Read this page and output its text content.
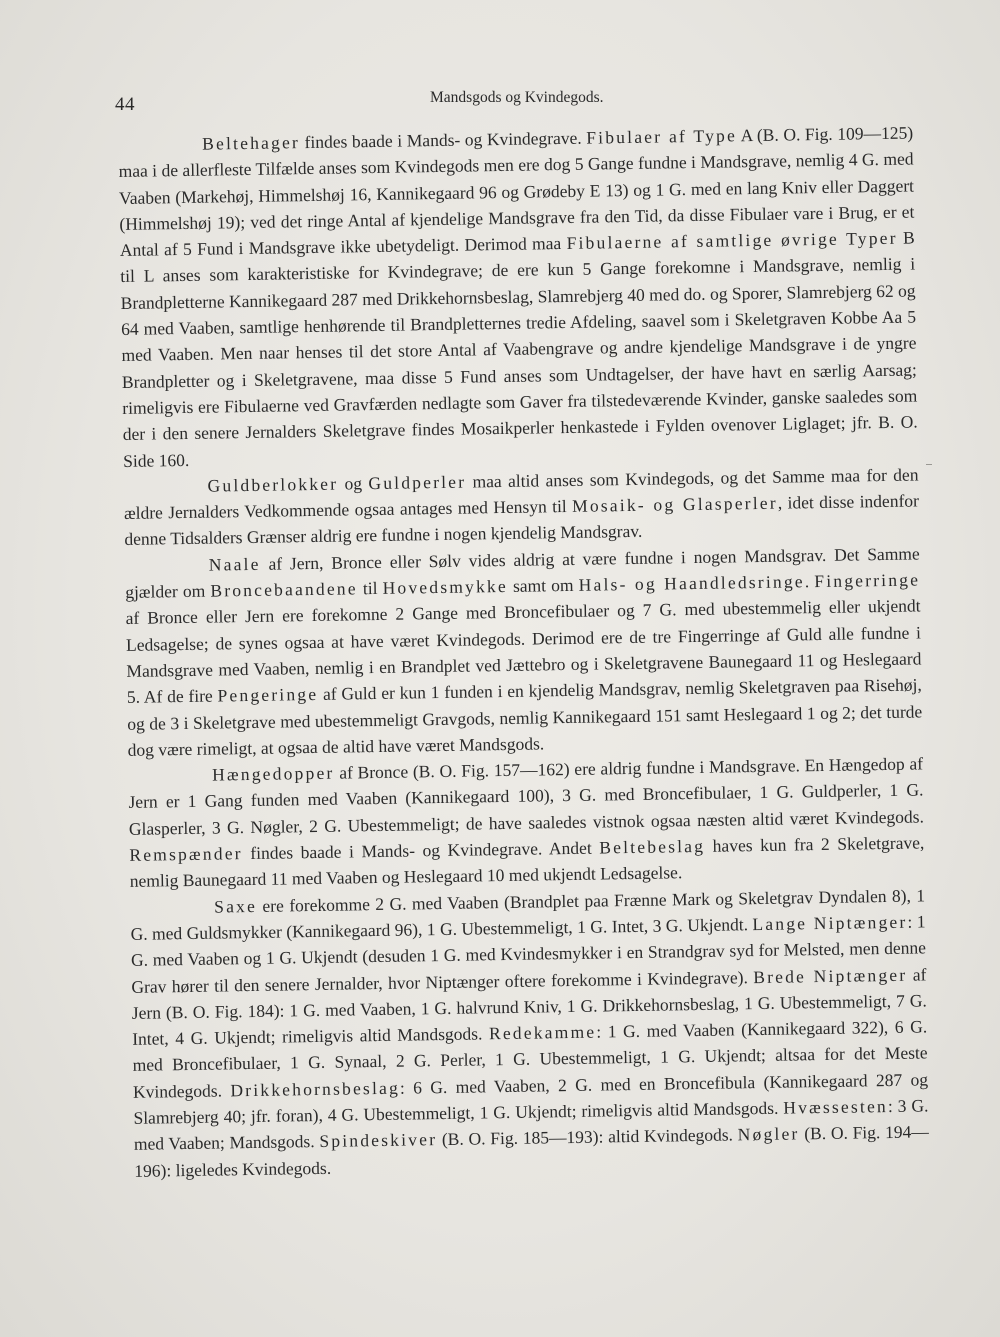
44	Mandsgods og Kvindegods.

Beltehager findes baade i Mands- og Kvindegrave. Fibulaer af Type A (B. O. Fig. 109—125) maa i de allerfleste Tilfælde anses som Kvindegods men ere dog 5 Gange fundne i Mandsgrave, nemlig 4 G. med Vaaben (Markehøj, Himmelshøj 16, Kannikegaard 96 og Grødeby E 13) og 1 G. med en lang Kniv eller Daggert (Himmelshøj 19); ved det ringe Antal af kjendelige Mandsgrave fra den Tid, da disse Fibulaer vare i Brug, er et Antal af 5 Fund i Mandsgrave ikke ubetydeligt. Derimod maa Fibulaerne af samtlige øvrige Typer B til L anses som karakteristiske for Kvindegrave; de ere kun 5 Gange forekomne i Mandsgrave, nemlig i Brandpletterne Kannikegaard 287 med Drikkehornsbeslag, Slamrebjerg 40 med do. og Sporer, Slamrebjerg 62 og 64 med Vaaben, samtlige henhørende til Brandpletternes tredie Afdeling, saavel som i Skeletgraven Kobbe Aa 5 med Vaaben. Men naar henses til det store Antal af Vaabengrave og andre kjendelige Mandsgrave i de yngre Brandpletter og i Skeletgravene, maa disse 5 Fund anses som Undtagelser, der have havt en særlig Aarsag; rimeligvis ere Fibulaerne ved Gravfærden nedlagte som Gaver fra tilstedeværende Kvinder, ganske saaledes som der i den senere Jernalders Skeletgrave findes Mosaikperler henkastede i Fylden ovenover Liglaget; jfr. B. O. Side 160.

Guldberlokker og Guldperler maa altid anses som Kvindegods, og det Samme maa for den ældre Jernalders Vedkommende ogsaa antages med Hensyn til Mosaik- og Glasperler, idet disse indenfor denne Tidsalders Grænser aldrig ere fundne i nogen kjendelig Mandsgrav.

Naale af Jern, Bronce eller Sølv vides aldrig at være fundne i nogen Mandsgrav. Det Samme gjælder om Broncebaandene til Hovedsmykke samt om Hals- og Haandledsringe. Fingerringe af Bronce eller Jern ere forekomne 2 Gange med Broncefibulaer og 7 G. med ubestemmelig eller ukjendt Ledsagelse; de synes ogsaa at have været Kvindegods. Derimod ere de tre Fingerringe af Guld alle fundne i Mandsgrave med Vaaben, nemlig i en Brandplet ved Jættebro og i Skeletgravene Baunegaard 11 og Heslegaard 5. Af de fire Pengeringe af Guld er kun 1 funden i en kjendelig Mandsgrav, nemlig Skeletgraven paa Risehøj, og de 3 i Skeletgrave med ubestemmeligt Gravgods, nemlig Kannikegaard 151 samt Heslegaard 1 og 2; det turde dog være rimeligt, at ogsaa de altid have været Mandsgods.

Hængedopper af Bronce (B. O. Fig. 157—162) ere aldrig fundne i Mandsgrave. En Hængedop af Jern er 1 Gang funden med Vaaben (Kannikegaard 100), 3 G. med Broncefibulaer, 1 G. Guldperler, 1 G. Glasperler, 3 G. Nøgler, 2 G. Ubestemmeligt; de have saaledes vistnok ogsaa næsten altid været Kvindegods. Remspænder findes baade i Mands- og Kvindegrave. Andet Beltebeslag haves kun fra 2 Skeletgrave, nemlig Baunegaard 11 med Vaaben og Heslegaard 10 med ukjendt Ledsagelse.

Saxe ere forekomme 2 G. med Vaaben (Brandplet paa Frænne Mark og Skeletgrav Dyndalen 8), 1 G. med Guldsmykker (Kannikegaard 96), 1 G. Ubestemmeligt, 1 G. Intet, 3 G. Ukjendt. Lange Niptænger: 1 G. med Vaaben og 1 G. Ukjendt (desuden 1 G. med Kvindesmykker i en Strandgrav syd for Melsted, men denne Grav hører til den senere Jernalder, hvor Niptænger oftere forekomme i Kvindegrave). Brede Niptænger af Jern (B. O. Fig. 184): 1 G. med Vaaben, 1 G. halvrund Kniv, 1 G. Drikkehornsbeslag, 1 G. Ubestemmeligt, 7 G. Intet, 4 G. Ukjendt; rimeligvis altid Mandsgods. Redekamme: 1 G. med Vaaben (Kannikegaard 322), 6 G. med Broncefibulaer, 1 G. Synaal, 2 G. Perler, 1 G. Ubestemmeligt, 1 G. Ukjendt; altsaa for det Meste Kvindegods. Drikkehornsbeslag: 6 G. med Vaaben, 2 G. med en Broncefibula (Kannikegaard 287 og Slamrebjerg 40; jfr. foran), 4 G. Ubestemmeligt, 1 G. Ukjendt; rimeligvis altid Mandsgods. Hvæssesten: 3 G. med Vaaben; Mandsgods. Spindeskiver (B. O. Fig. 185—193): altid Kvindegods. Nøgler (B. O. Fig. 194—196): ligeledes Kvindegods.
